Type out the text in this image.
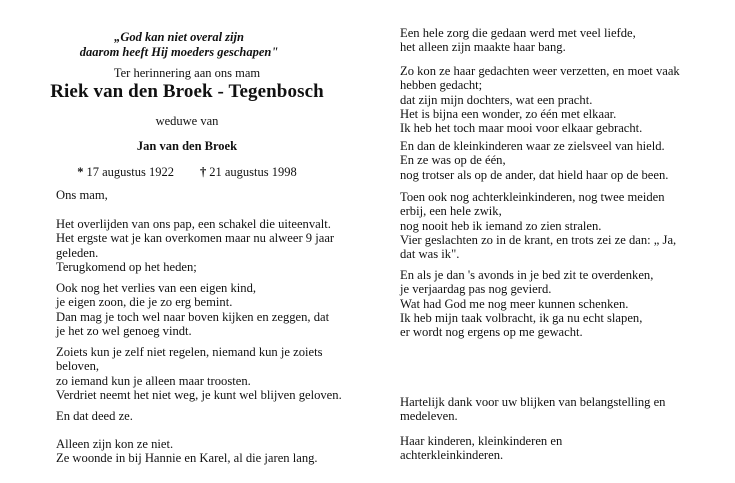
„God kan niet overal zijn
daarom heeft Hij moeders geschapen"
Ter herinnering aan ons mam
Riek van den Broek - Tegenbosch
weduwe van
Jan van den Broek
* 17 augustus 1922 † 21 augustus 1998
Ons mam,

Het overlijden van ons pap, een schakel die uiteenvalt.

Het ergste wat je kan overkomen maar nu alweer 9 jaar

geleden.

Terugkomend op het heden;

Ook nog het verlies van een eigen kind,

je eigen zoon, die je zo erg bemint.

Dan mag je toch wel naar boven kijken en zeggen, dat

je het zo wel genoeg vindt.

Zoiets kun je zelf niet regelen, niemand kun je zoiets

beloven,

zo iemand kun je alleen maar troosten.

Verdriet neemt het niet weg, je kunt wel blijven geloven.

En dat deed ze.

Alleen zijn kon ze niet.

Ze woonde in bij Hannie en Karel, al die jaren lang.

Een hele zorg die gedaan werd met veel liefde,

het alleen zijn maakte haar bang.

Zo kon ze haar gedachten weer verzetten, en moet vaak

hebben gedacht;

dat zijn mijn dochters, wat een pracht.

Het is bijna een wonder, zo één met elkaar.

Ik heb het toch maar mooi voor elkaar gebracht.

En dan de kleinkinderen waar ze zielsveel van hield.

En ze was op de één,

nog trotser als op de ander, dat hield haar op de been.

Toen ook nog achterkleinkinderen, nog twee meiden

erbij, een hele zwik,

nog nooit heb ik iemand zo zien stralen.

Vier geslachten zo in de krant, en trots zei ze dan: „ Ja,

dat was ik".

En als je dan 's avonds in je bed zit te overdenken,

je verjaardag pas nog gevierd.

Wat had God me nog meer kunnen schenken.

Ik heb mijn taak volbracht, ik ga nu echt slapen,

er wordt nog ergens op me gewacht.

Hartelijk dank voor uw blijken van belangstelling en

medeleven.

Haar kinderen, kleinkinderen en

achterkleinkinderen.
